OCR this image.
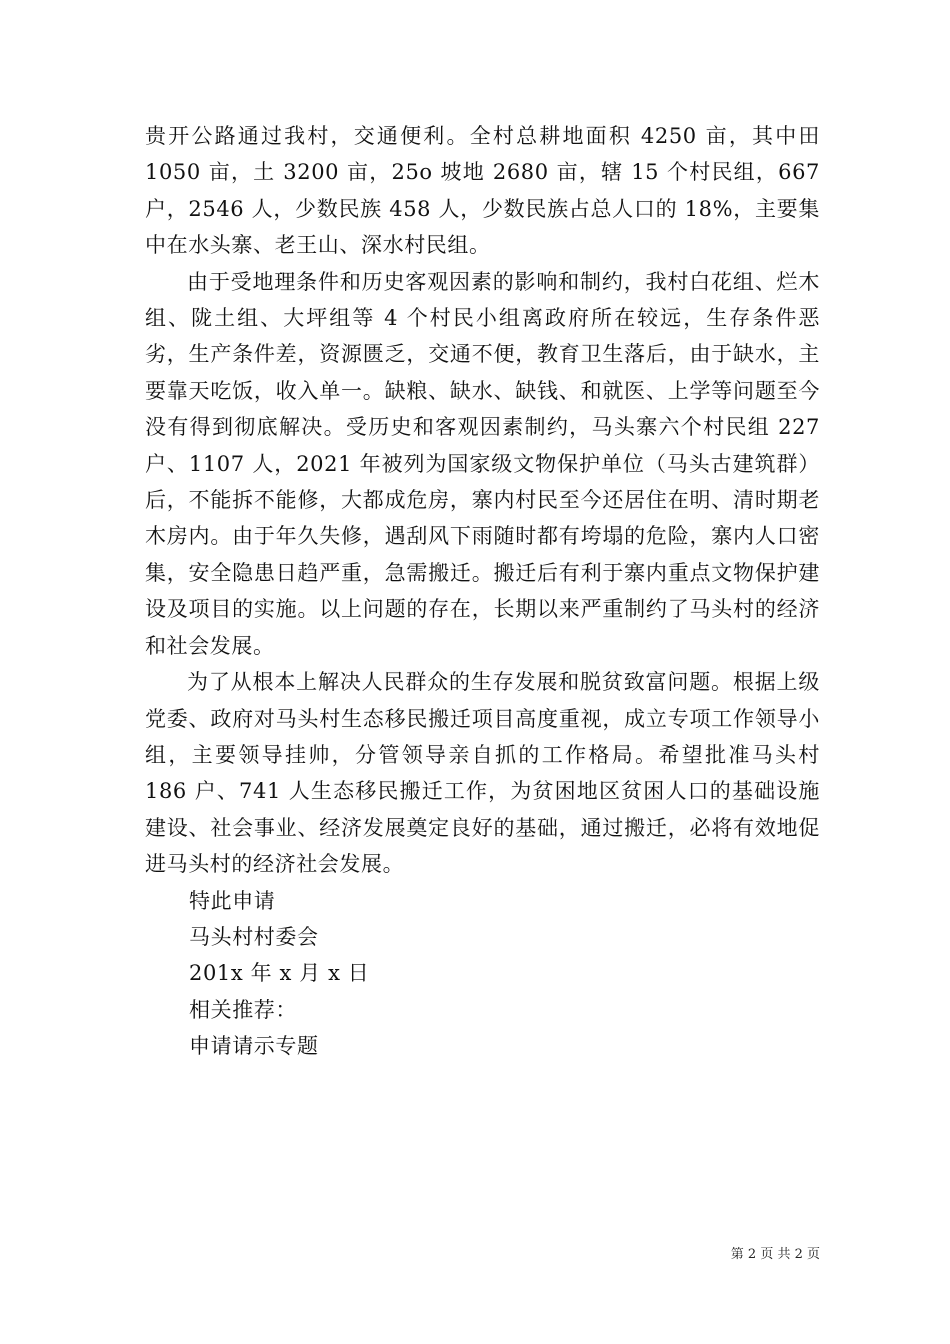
贵开公路通过我村，交通便利。全村总耕地面积 4250 亩，其中田 1050 亩，土 3200 亩，25o 坡地 2680 亩，辖 15 个村民组，667 户，2546 人，少数民族 458 人，少数民族占总人口的 18%，主要集中在水头寨、老王山、深水村民组。

由于受地理条件和历史客观因素的影响和制约，我村白花组、烂木组、陇土组、大坪组等 4 个村民小组离政府所在较远，生存条件恶劣，生产条件差，资源匮乏，交通不便，教育卫生落后，由于缺水，主要靠天吃饭，收入单一。缺粮、缺水、缺钱、和就医、上学等问题至今没有得到彻底解决。受历史和客观因素制约，马头寨六个村民组 227 户、1107 人，2021 年被列为国家级文物保护单位（马头古建筑群）后，不能拆不能修，大都成危房，寨内村民至今还居住在明、清时期老木房内。由于年久失修，遇刮风下雨随时都有垮塌的危险，寨内人口密集，安全隐患日趋严重，急需搬迁。搬迁后有利于寨内重点文物保护建设及项目的实施。以上问题的存在，长期以来严重制约了马头村的经济和社会发展。

为了从根本上解决人民群众的生存发展和脱贫致富问题。根据上级党委、政府对马头村生态移民搬迁项目高度重视，成立专项工作领导小组，主要领导挂帅，分管领导亲自抓的工作格局。希望批准马头村 186 户、741 人生态移民搬迁工作，为贫困地区贫困人口的基础设施建设、社会事业、经济发展奠定良好的基础，通过搬迁，必将有效地促进马头村的经济社会发展。

特此申请

马头村村委会

201x 年 x 月 x 日

相关推荐：

申请请示专题

第 2 页 共 2 页
